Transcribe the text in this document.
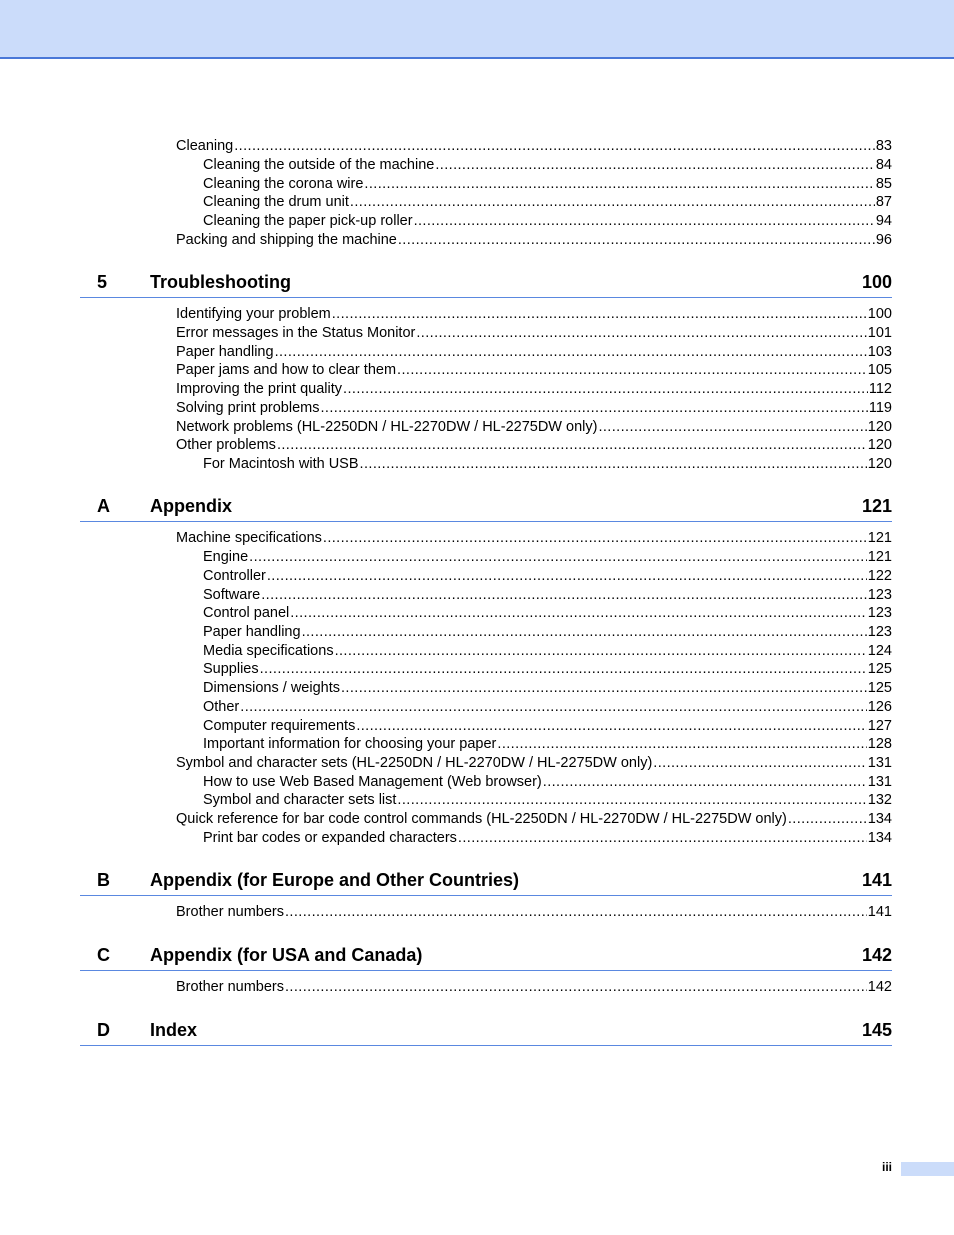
Cleaning .....	83
Cleaning the outside of the machine .....	84
Cleaning the corona wire .....	85
Cleaning the drum unit .....	87
Cleaning the paper pick-up roller .....	94
Packing and shipping the machine .....	96
5 Troubleshooting	100
Identifying your problem .....	100
Error messages in the Status Monitor .....	101
Paper handling .....	103
Paper jams and how to clear them .....	105
Improving the print quality .....	112
Solving print problems .....	119
Network problems (HL-2250DN / HL-2270DW / HL-2275DW only) .....	120
Other problems .....	120
For Macintosh with USB .....	120
A Appendix	121
Machine specifications .....	121
Engine .....	121
Controller .....	122
Software .....	123
Control panel .....	123
Paper handling .....	123
Media specifications .....	124
Supplies .....	125
Dimensions / weights .....	125
Other .....	126
Computer requirements .....	127
Important information for choosing your paper .....	128
Symbol and character sets (HL-2250DN / HL-2270DW / HL-2275DW only) .....	131
How to use Web Based Management (Web browser) .....	131
Symbol and character sets list .....	132
Quick reference for bar code control commands (HL-2250DN / HL-2270DW / HL-2275DW only) .....	134
Print bar codes or expanded characters .....	134
B Appendix (for Europe and Other Countries)	141
Brother numbers .....	141
C Appendix (for USA and Canada)	142
Brother numbers .....	142
D Index	145
iii
